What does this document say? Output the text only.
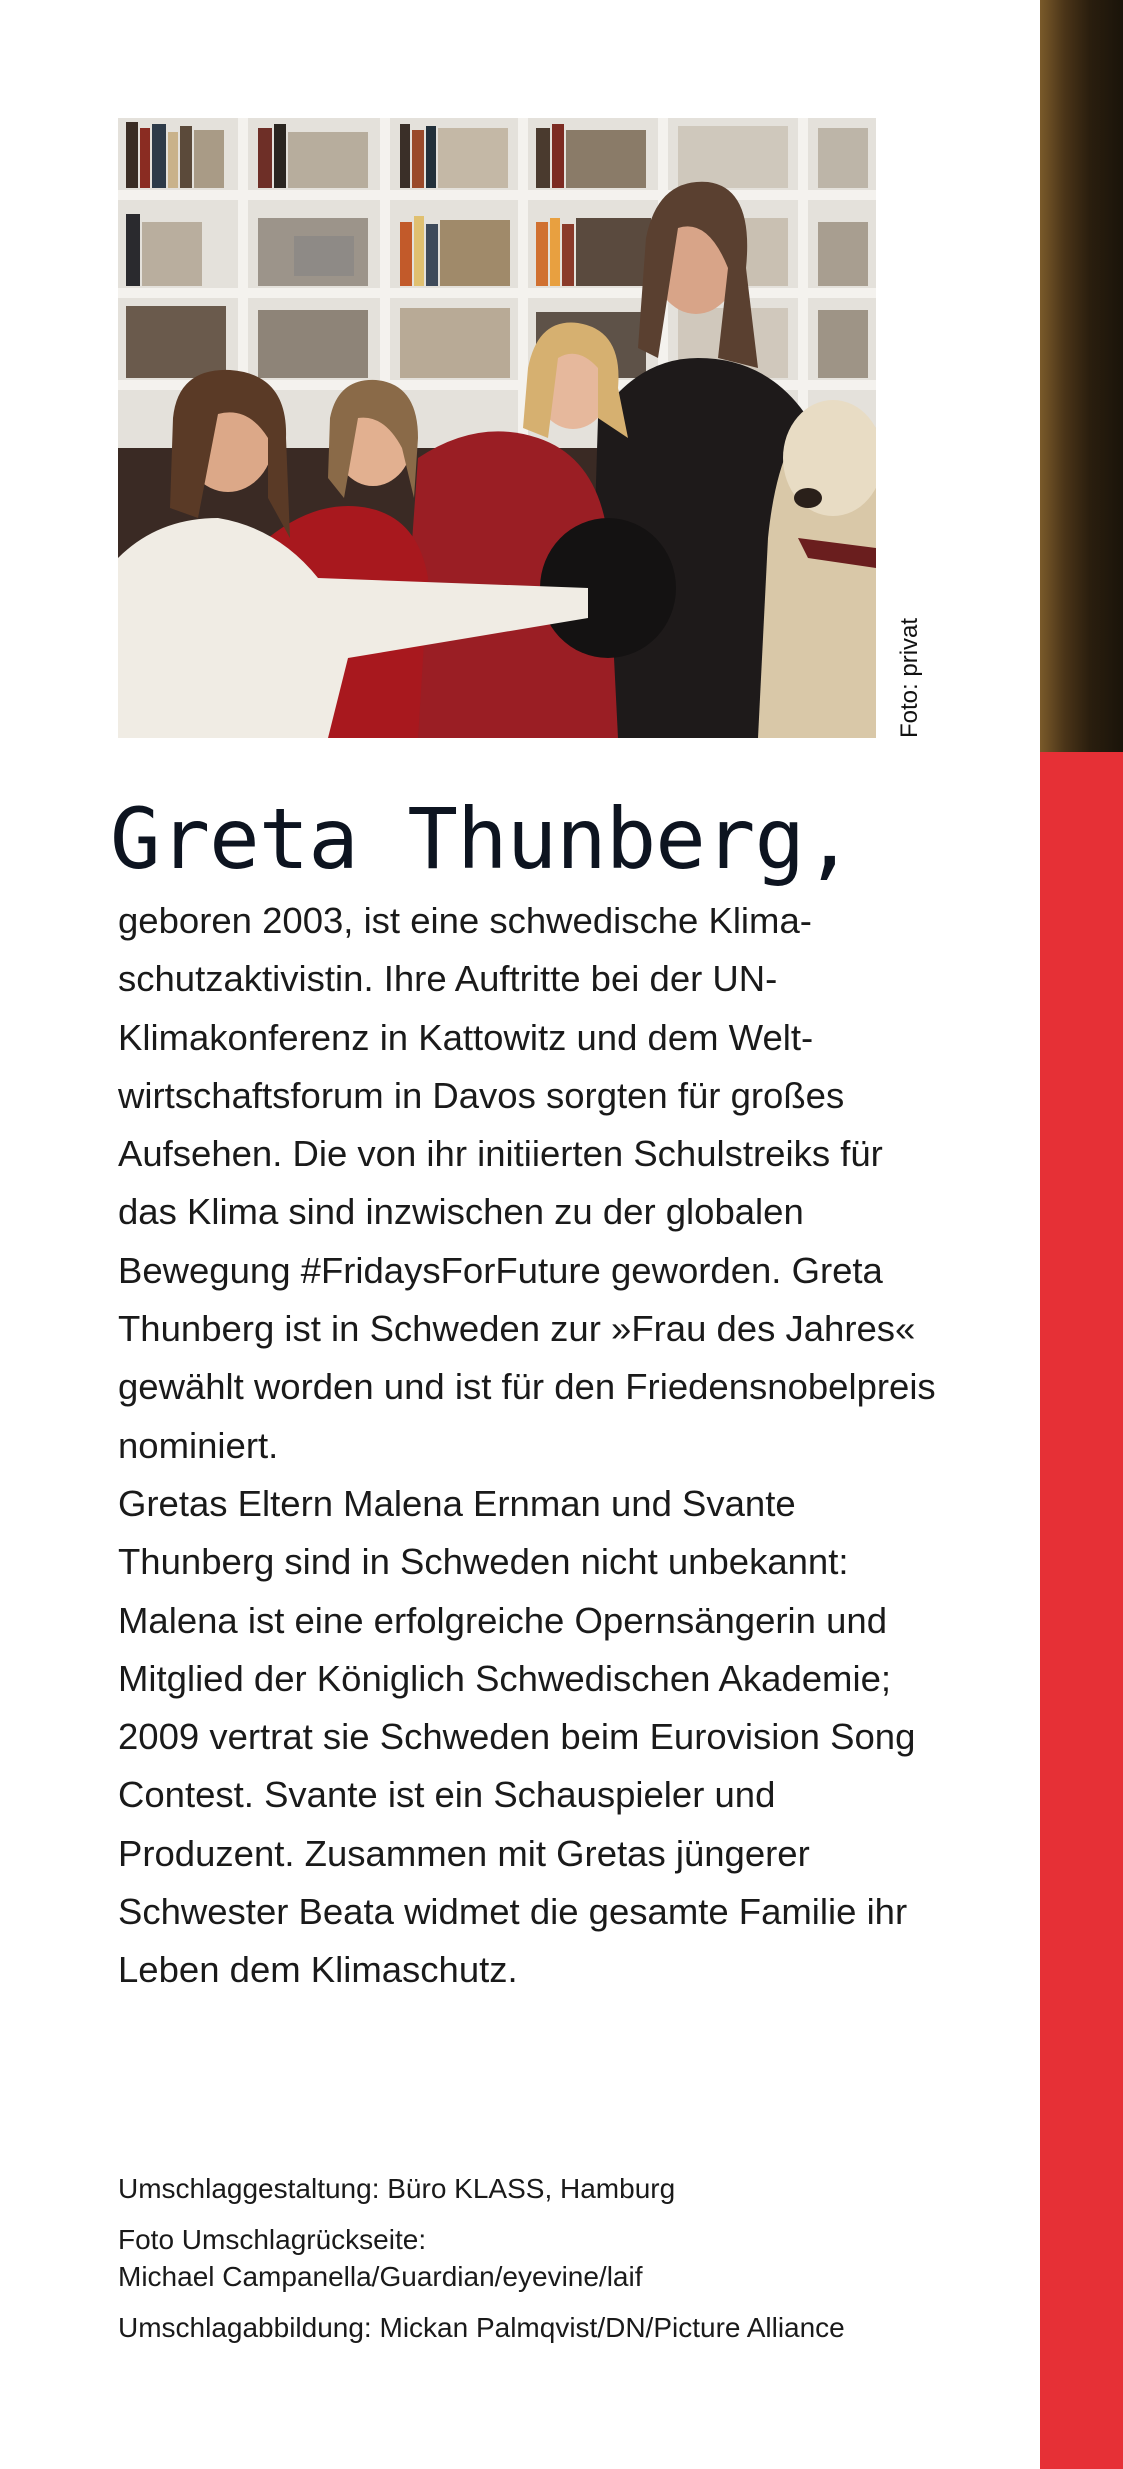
Foto: privat
Greta Thunberg,

geboren 2003, ist eine schwedische Klimaschutzaktivistin. Ihre Auftritte bei der UN-Klimakonferenz in Kattowitz und dem Weltwirtschaftsforum in Davos sorgten für großes Aufsehen. Die von ihr initiierten Schulstreiks für das Klima sind inzwischen zu der globalen Bewegung #FridaysForFuture geworden. Greta Thunberg ist in Schweden zur »Frau des Jahres« gewählt worden und ist für den Friedensnobelpreis nominiert.

Gretas Eltern Malena Ernman und Svante Thunberg sind in Schweden nicht unbekannt: Malena ist eine erfolgreiche Opernsängerin und Mitglied der Königlich Schwedischen Akademie; 2009 vertrat sie Schweden beim Eurovision Song Contest. Svante ist ein Schauspieler und Produzent. Zusammen mit Gretas jüngerer Schwester Beata widmet die gesamte Familie ihr Leben dem Klimaschutz.

Umschlaggestaltung: Büro KLASS, Hamburg

Foto Umschlagrückseite:
Michael Campanella/Guardian/eyevine/laif

Umschlagabbildung: Mickan Palmqvist/DN/Picture Alliance
